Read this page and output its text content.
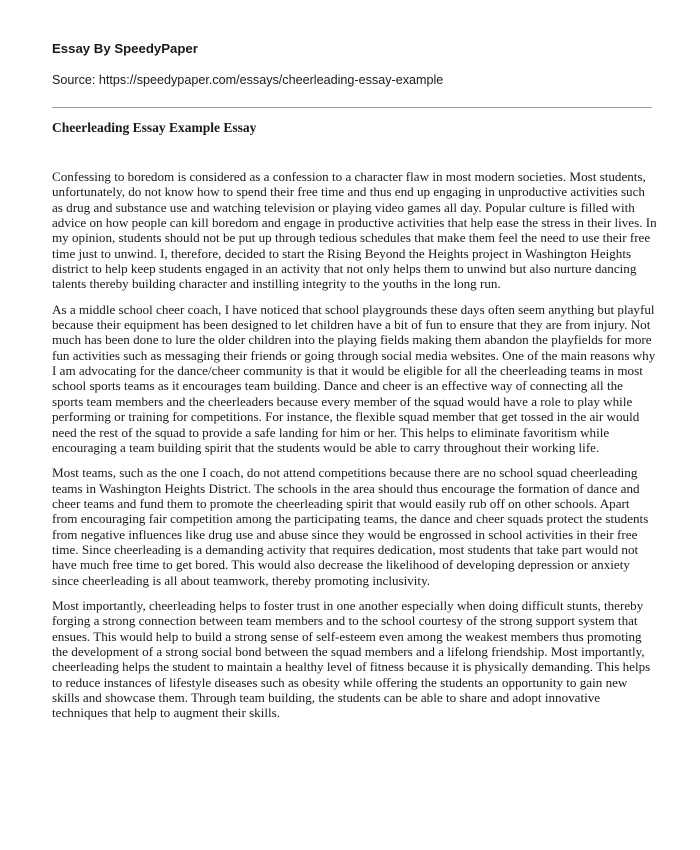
Essay By SpeedyPaper

Source: https://speedypaper.com/essays/cheerleading-essay-example
Cheerleading Essay Example Essay

Confessing to boredom is considered as a confession to a character flaw in most modern societies. Most students, unfortunately, do not know how to spend their free time and thus end up engaging in unproductive activities such as drug and substance use and watching television or playing video games all day. Popular culture is filled with advice on how people can kill boredom and engage in productive activities that help ease the stress in their lives. In my opinion, students should not be put up through tedious schedules that make them feel the need to use their free time just to unwind. I, therefore, decided to start the Rising Beyond the Heights project in Washington Heights district to help keep students engaged in an activity that not only helps them to unwind but also nurture dancing talents thereby building character and instilling integrity to the youths in the long run.

As a middle school cheer coach, I have noticed that school playgrounds these days often seem anything but playful because their equipment has been designed to let children have a bit of fun to ensure that they are from injury. Not much has been done to lure the older children into the playing fields making them abandon the playfields for more fun activities such as messaging their friends or going through social media websites. One of the main reasons why I am advocating for the dance/cheer community is that it would be eligible for all the cheerleading teams in most school sports teams as it encourages team building. Dance and cheer is an effective way of connecting all the sports team members and the cheerleaders because every member of the squad would have a role to play while performing or training for competitions. For instance, the flexible squad member that get tossed in the air would need the rest of the squad to provide a safe landing for him or her. This helps to eliminate favoritism while encouraging a team building spirit that the students would be able to carry throughout their working life.

Most teams, such as the one I coach, do not attend competitions because there are no school squad cheerleading teams in Washington Heights District. The schools in the area should thus encourage the formation of dance and cheer teams and fund them to promote the cheerleading spirit that would easily rub off on other schools. Apart from encouraging fair competition among the participating teams, the dance and cheer squads protect the students from negative influences like drug use and abuse since they would be engrossed in school activities in their free time. Since cheerleading is a demanding activity that requires dedication, most students that take part would not have much free time to get bored. This would also decrease the likelihood of developing depression or anxiety since cheerleading is all about teamwork, thereby promoting inclusivity.

Most importantly, cheerleading helps to foster trust in one another especially when doing difficult stunts, thereby forging a strong connection between team members and to the school courtesy of the strong support system that ensues. This would help to build a strong sense of self-esteem even among the weakest members thus promoting the development of a strong social bond between the squad members and a lifelong friendship. Most importantly, cheerleading helps the student to maintain a healthy level of fitness because it is physically demanding. This helps to reduce instances of lifestyle diseases such as obesity while offering the students an opportunity to gain new skills and showcase them. Through team building, the students can be able to share and adopt innovative techniques that help to augment their skills.
